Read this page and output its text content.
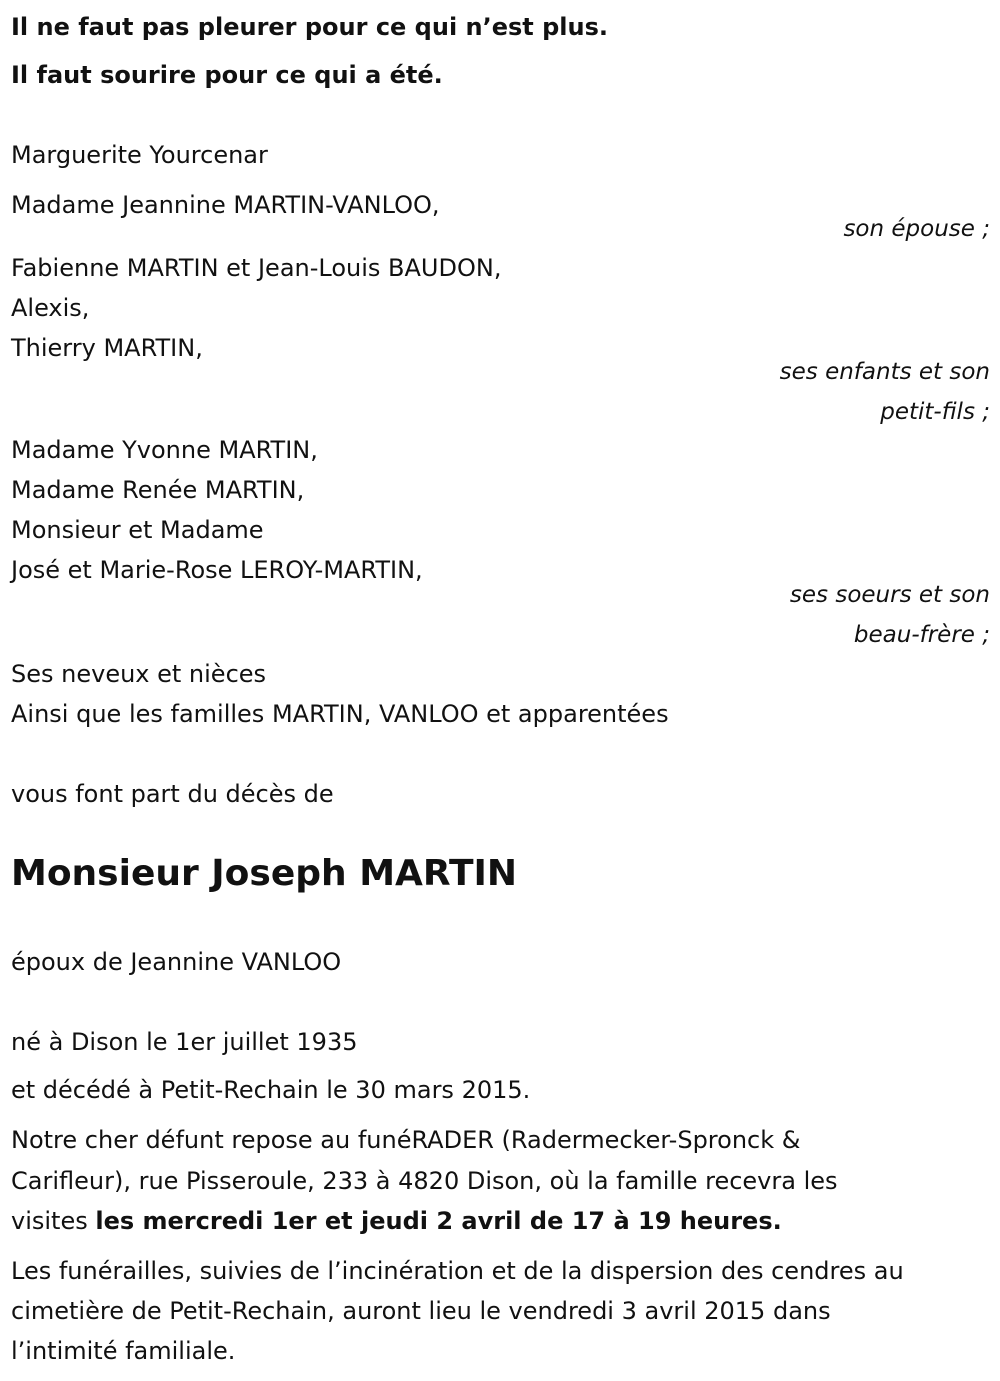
Il ne faut pas pleurer pour ce qui n’est plus.
Il faut sourire pour ce qui a été.
Marguerite Yourcenar
Madame Jeannine MARTIN-VANLOO,
son épouse ;
Fabienne MARTIN et Jean-Louis BAUDON,
Alexis,
Thierry MARTIN,
ses enfants et son
petit-fils ;
Madame Yvonne MARTIN,
Madame Renée MARTIN,
Monsieur et Madame
José et Marie-Rose LEROY-MARTIN,
ses soeurs et son
beau-frère ;
Ses neveux et nièces
Ainsi que les familles MARTIN, VANLOO et apparentées
vous font part du décès de
Monsieur Joseph MARTIN
époux de Jeannine VANLOO
né à Dison le 1er juillet 1935
et décédé à Petit-Rechain le 30 mars 2015.
Notre cher défunt repose au funéRADER (Radermecker-Spronck &
Carifleur), rue Pisseroule, 233 à 4820 Dison, où la famille recevra les
visites les mercredi 1er et jeudi 2 avril de 17 à 19 heures.
Les funérailles, suivies de l’incinération et de la dispersion des cendres au
cimetière de Petit-Rechain, auront lieu le vendredi 3 avril 2015 dans
l’intimité familiale.
